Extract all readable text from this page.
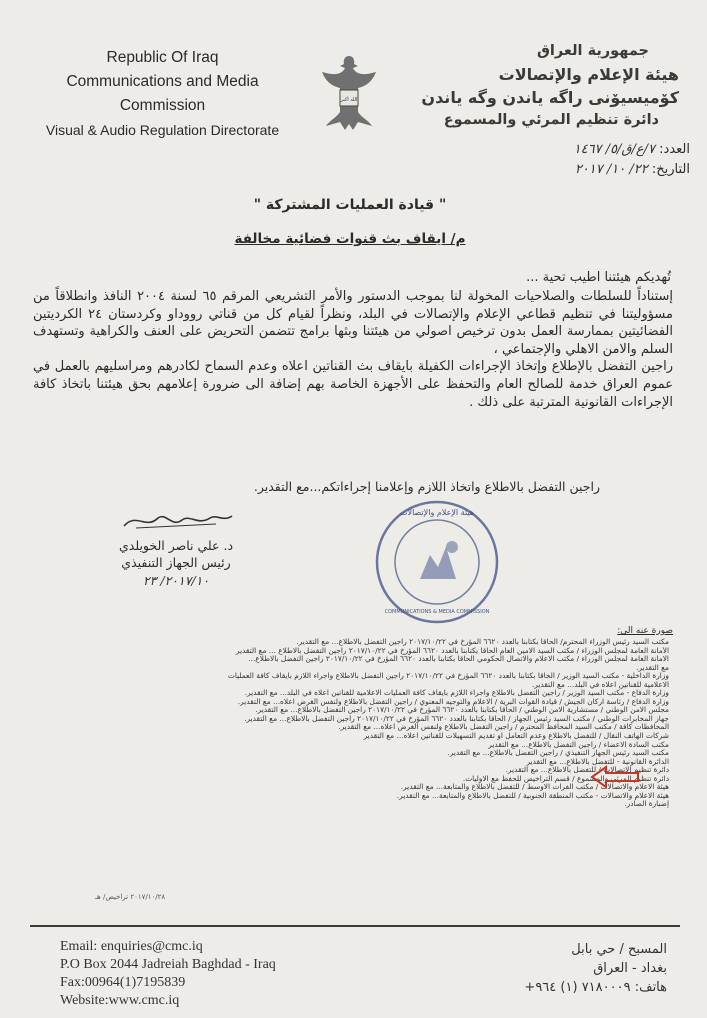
Republic Of Iraq
Communications and Media
Commission
Visual & Audio Regulation Directorate
الله أكبر
جمهورية العراق
هيئة الإعلام والإتصالات
كۆميسيۆنى راگه ياندن وگه ياندن
دائرة تنظيم المرئي والمسموع
العدد: ٧/ع/ق/٥/ ١٤٦٧
التاريخ: ٢٢/ ١٠/ ٢٠١٧
" قيادة العمليات المشتركة "
م/ ايقاف بث قنوات فضائية مخالفة
تُهديكم هيئتنا اطيب تحية ...

إستناداً للسلطات والصلاحيات المخولة لنا بموجب الدستور والأمر التشريعي المرقم ٦٥ لسنة ٢٠٠٤ النافذ وانطلاقاً من مسؤوليتنا في تنظيم قطاعي الإعلام والإتصالات في البلد، ونظراً لقيام كل من قناتي رووداو وكردستان ٢٤ الكرديتين الفضائيتين بممارسة العمل بدون ترخيص اصولي من هيئتنا وبثها برامج تتضمن التحريض على العنف والكراهية وتستهدف السلم والامن الاهلي والإجتماعي ،

راجين التفضل بالإطلاع وإتخاذ الإجراءات الكفيلة بايقاف بث القناتين اعلاه وعدم السماح لكادرهم ومراسليهم بالعمل في عموم العراق خدمة للصالح العام والتحفظ على الأجهزة الخاصة بهم إضافة الى ضرورة إعلامهم بحق هيئتنا باتخاذ كافة الإجراءات القانونية المترتبة على ذلك .

راجين التفضل بالاطلاع واتخاذ اللازم وإعلامنا إجراءاتكم...مع التقدير.
د. علي ناصر الخويلدي
رئيس الجهاز التنفيذي
٢٠١٧/١٠/ ٢٣
هيئة الإعلام والإتصالات
COMMUNICATIONS & MEDIA COMMISSION
صورة عنه الى:
مكتب السيد رئيس الوزراء المحترم/ الحاقاً بكتابنا بالعدد ٦٦٢٠ المؤرخ في ٢٠١٧/١٠/٢٢ راجين التفضل بالاطلاع... مع التقدير.
الأمانة العامة لمجلس الوزراء / مكتب السيد الامين العام الحاقاً بكتابنا بالعدد ٦٦٢٠ المؤرخ في ٢٠١٧/١٠/٢٢ راجين التفضل بالاطلاع ... مع التقدير
الامانة العامة لمجلس الوزراء / مكتب الاعلام والاتصال الحكومي الحاقاً بكتابنا بالعدد ٦٦٢٠ المؤرخ في ٢٠١٧/١٠/٢٢ راجين التفضل بالاطلاع...
مع التقدير.
وزارة الداخلية - مكتب السيد الوزير / الحاقاً بكتابنا بالعدد ٦٦٢٠ المؤرخ في ٢٠١٧/١٠/٢٢ راجين التفضل بالاطلاع واجراء اللازم بايقاف كافة العمليات
الاعلامية للقناتين اعلاه في البلد... مع التقدير.
وزارة الدفاع - مكتب السيد الوزير / راجين التفضل بالاطلاع واجراء اللازم بايقاف كافة العمليات الاعلامية للقناتين اعلاه في البلد... مع التقدير.
وزارة الدفاع / رئاسة اركان الجيش / قيادة القوات البرية / الاعلام والتوجيه المعنوي / راجين التفضل بالاطلاع ولنفس الغرض اعلاه... مع التقدير.
مجلس الامن الوطني / مستشارية الامن الوطني / الحاقاً بكتابنا بالعدد ٦٦٢٠ المؤرخ في ٢٠١٧/١٠/٢٢ راجين التفضل بالاطلاع... مع التقدير.
جهاز المخابرات الوطني / مكتب السيد رئيس الجهاز / الحاقاً بكتابنا بالعدد ٦٦٢٠ المؤرخ في ٢٠١٧/١٠/٢٢ راجين التفضل بالاطلاع... مع التقدير.
المحافظات كافة / مكتب السيد المحافظ المحترم / راجين التفضل بالاطلاع ولنفس الغرض اعلاه... مع التقدير.
شركات الهاتف النقال / للتفضل بالاطلاع وعدم التعامل او تقديم التسهيلات للقناتين اعلاه... مع التقدير
مكتب السادة الاعضاء / راجين التفضل بالاطلاع... مع التقدير
مكتب السيد رئيس الجهاز التنفيذي / راجين التفضل بالاطلاع... مع التقدير.
الدائرة القانونية - للتفضل بالاطلاع... مع التقدير
دائرة تنظيم الاتصالات / للتفضل بالاطلاع... مع التقدير.
دائرة تنظيم المرئي والمسموع / قسم التراخيص للحفظ مع الاوليات.
هيئة الاعلام والاتصالات / مكتب الفرات الاوسط / للتفضل بالاطلاع والمتابعة... مع التقدير.
هيئة الاعلام والاتصالات - مكتب المنطقة الجنوبية / للتفضل بالاطلاع والمتابعة... مع التقدير.
إضبارة الصادر.
٢٠١٧/١٠/٢٨ تراخيص/ هـ
Email: enquiries@cmc.iq
P.O Box 2044 Jadreiah Baghdad - Iraq
Fax:00964(1)7195839
Website:www.cmc.iq
المسبح / حي بابل
بغداد - العراق
هاتف: ٧١٨٠٠٠٩ (١) ٩٦٤+
